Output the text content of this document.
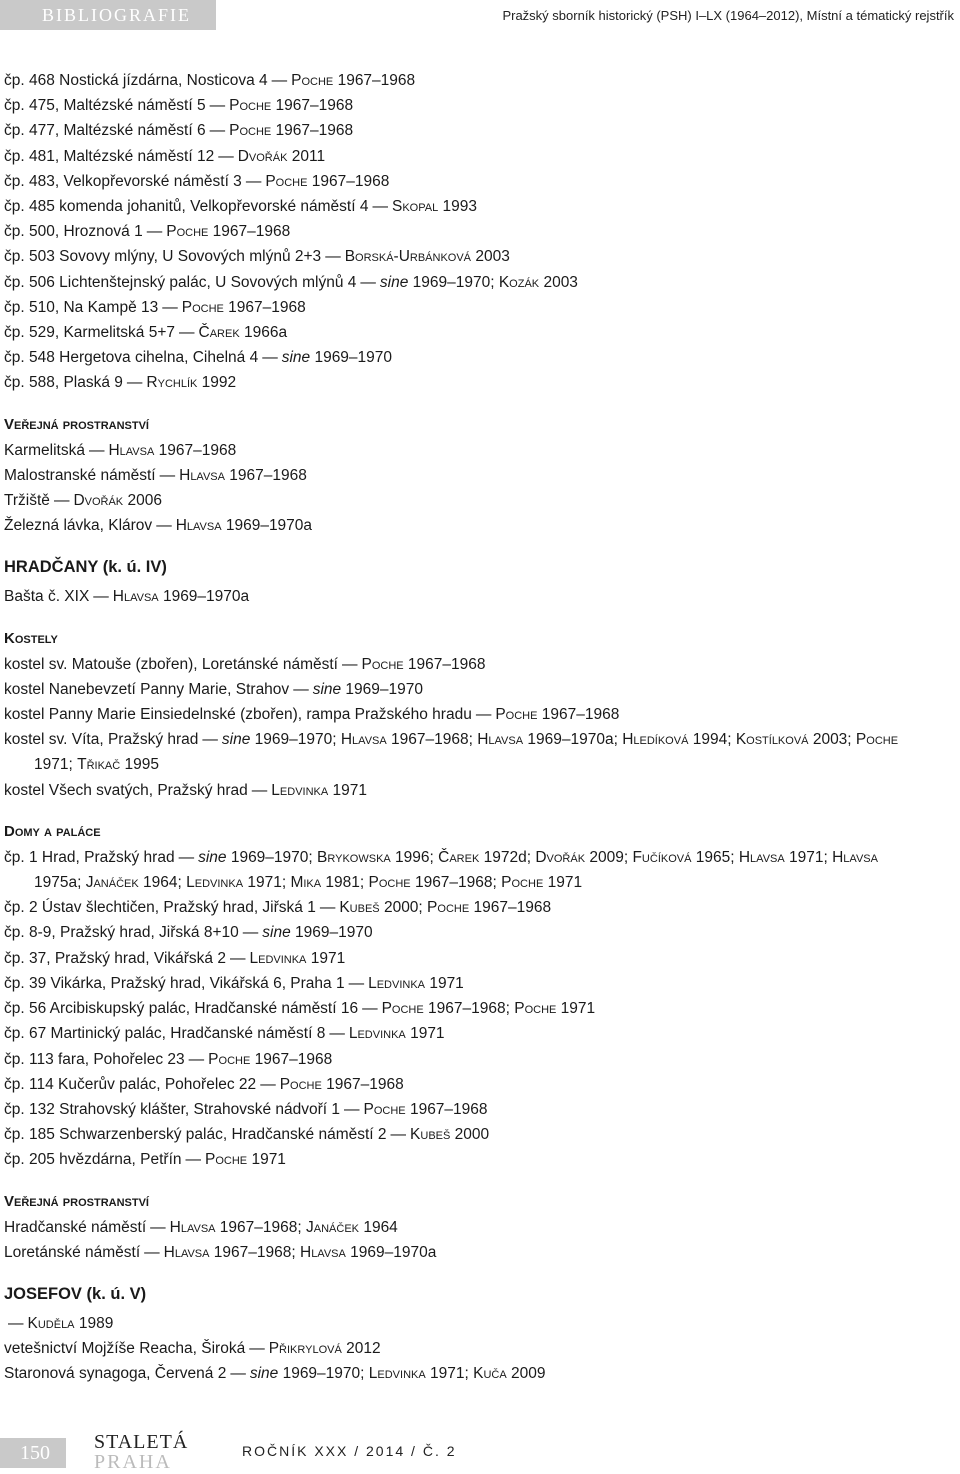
BIBLIOGRAFIE	Pražský sborník historický (PSH) I–LX (1964–2012), Místní a tématický rejstřík
čp. 468 Nostická jízdárna, Nosticova 4 — Poche 1967–1968
čp. 475, Maltézské náměstí 5 — Poche 1967–1968
čp. 477, Maltézské náměstí 6 — Poche 1967–1968
čp. 481, Maltézské náměstí 12 — Dvořák 2011
čp. 483, Velkopřevorské náměstí 3 — Poche 1967–1968
čp. 485 komenda johanitů, Velkopřevorské náměstí 4 — Skopal 1993
čp. 500, Hroznová 1 — Poche 1967–1968
čp. 503 Sovovy mlýny, U Sovových mlýnů 2+3 — Borská-Urbánková 2003
čp. 506 Lichtenštejnský palác, U Sovových mlýnů 4 — sine 1969–1970; Kozák 2003
čp. 510, Na Kampě 13 — Poche 1967–1968
čp. 529, Karmelitská 5+7 — Čarek 1966a
čp. 548 Hergetova cihelna, Cihelná 4 — sine 1969–1970
čp. 588, Plaská 9 — Rychlík 1992
Veřejná prostranství
Karmelitská — Hlavsa 1967–1968
Malostranské náměstí — Hlavsa 1967–1968
Tržiště — Dvořák 2006
Železná lávka, Klárov — Hlavsa 1969–1970a
HRADČANY (k. ú. IV)
Bašta č. XIX — Hlavsa 1969–1970a
Kostely
kostel sv. Matouše (zbořen), Loretánské náměstí — Poche 1967–1968
kostel Nanebevzetí Panny Marie, Strahov — sine 1969–1970
kostel Panny Marie Einsiedelnské (zbořen), rampa Pražského hradu — Poche 1967–1968
kostel sv. Víta, Pražský hrad — sine 1969–1970; Hlavsa 1967–1968; Hlavsa 1969–1970a; Hledíková 1994; Kostílková 2003; Poche
1971; Třikač 1995
kostel Všech svatých, Pražský hrad — Ledvinka 1971
Domy a paláce
čp. 1 Hrad, Pražský hrad — sine 1969–1970; Brykowska 1996; Čarek 1972d; Dvořák 2009; Fučíková 1965; Hlavsa 1971; Hlavsa
1975a; Janáček 1964; Ledvinka 1971; Mika 1981; Poche 1967–1968; Poche 1971
čp. 2 Ústav šlechtičen, Pražský hrad, Jiřská 1 — Kubeš 2000; Poche 1967–1968
čp. 8-9, Pražský hrad, Jiřská 8+10 — sine 1969–1970
čp. 37, Pražský hrad, Vikářská 2 — Ledvinka 1971
čp. 39 Vikárka, Pražský hrad, Vikářská 6, Praha 1 — Ledvinka 1971
čp. 56 Arcibiskupský palác, Hradčanské náměstí 16 — Poche 1967–1968; Poche 1971
čp. 67 Martinický palác, Hradčanské náměstí 8 — Ledvinka 1971
čp. 113 fara, Pohořelec 23 — Poche 1967–1968
čp. 114 Kučerův palác, Pohořelec 22 — Poche 1967–1968
čp. 132 Strahovský klášter, Strahovské nádvoří 1 — Poche 1967–1968
čp. 185 Schwarzenberský palác, Hradčanské náměstí 2 — Kubeš 2000
čp. 205 hvězdárna, Petřín — Poche 1971
Veřejná prostranství
Hradčanské náměstí — Hlavsa 1967–1968; Janáček 1964
Loretánské náměstí — Hlavsa 1967–1968; Hlavsa 1969–1970a
JOSEFOV (k. ú. V)
— Kuděla 1989
vetešnictví Mojžíše Reacha, Široká — Přikrylová 2012
Staronová synagoga, Červená 2 — sine 1969–1970; Ledvinka 1971; Kuča 2009
150 STALETÁ
PRAHA	ROČNÍK XXX / 2014 / Č. 2
